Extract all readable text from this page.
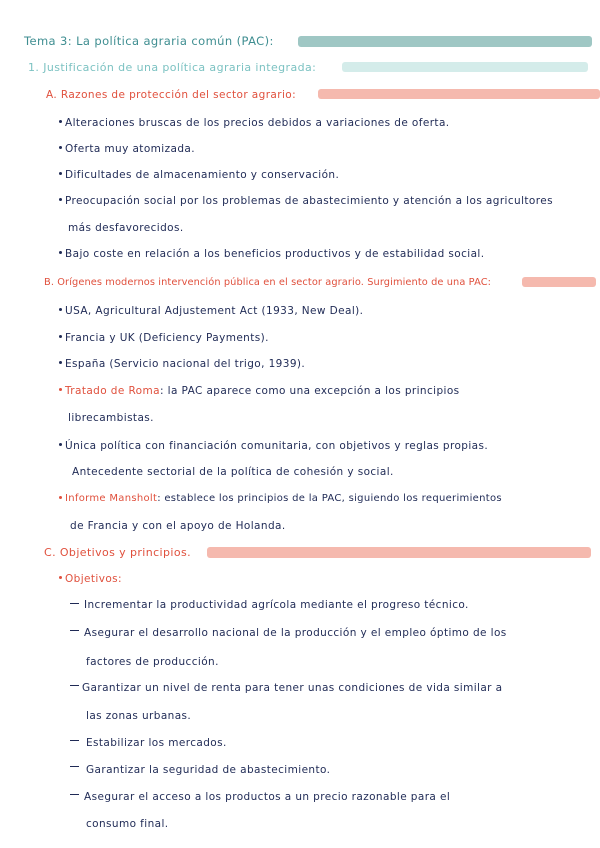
Tema 3: La política agraria común (PAC):
1. Justificación de una política agraria integrada:
A. Razones de protección del sector agrario:
Alteraciones bruscas de los precios debidos a variaciones de oferta.
Oferta muy atomizada.
Dificultades de almacenamiento y conservación.
Preocupación social por los problemas de abastecimiento y atención a los agricultores
más desfavorecidos.
Bajo coste en relación a los beneficios productivos y de estabilidad social.
B. Orígenes modernos intervención pública en el sector agrario. Surgimiento de una PAC:
USA, Agricultural Adjustement Act (1933, New Deal).
Francia y UK (Deficiency Payments).
España (Servicio nacional del trigo, 1939).
Tratado de Roma: la PAC aparece como una excepción a los principios
librecambistas.
Única política con financiación comunitaria, con objetivos y reglas propias.
Antecedente sectorial de la política de cohesión y social.
Informe Mansholt: establece los principios de la PAC, siguiendo los requerimientos
de Francia y con el apoyo de Holanda.
C. Objetivos y principios.
Objetivos:
Incrementar la productividad agrícola mediante el progreso técnico.
Asegurar el desarrollo nacional de la producción y el empleo óptimo de los
factores de producción.
Garantizar un nivel de renta para tener unas condiciones de vida similar a
las zonas urbanas.
Estabilizar los mercados.
Garantizar la seguridad de abastecimiento.
Asegurar el acceso a los productos a un precio razonable para el
consumo final.
